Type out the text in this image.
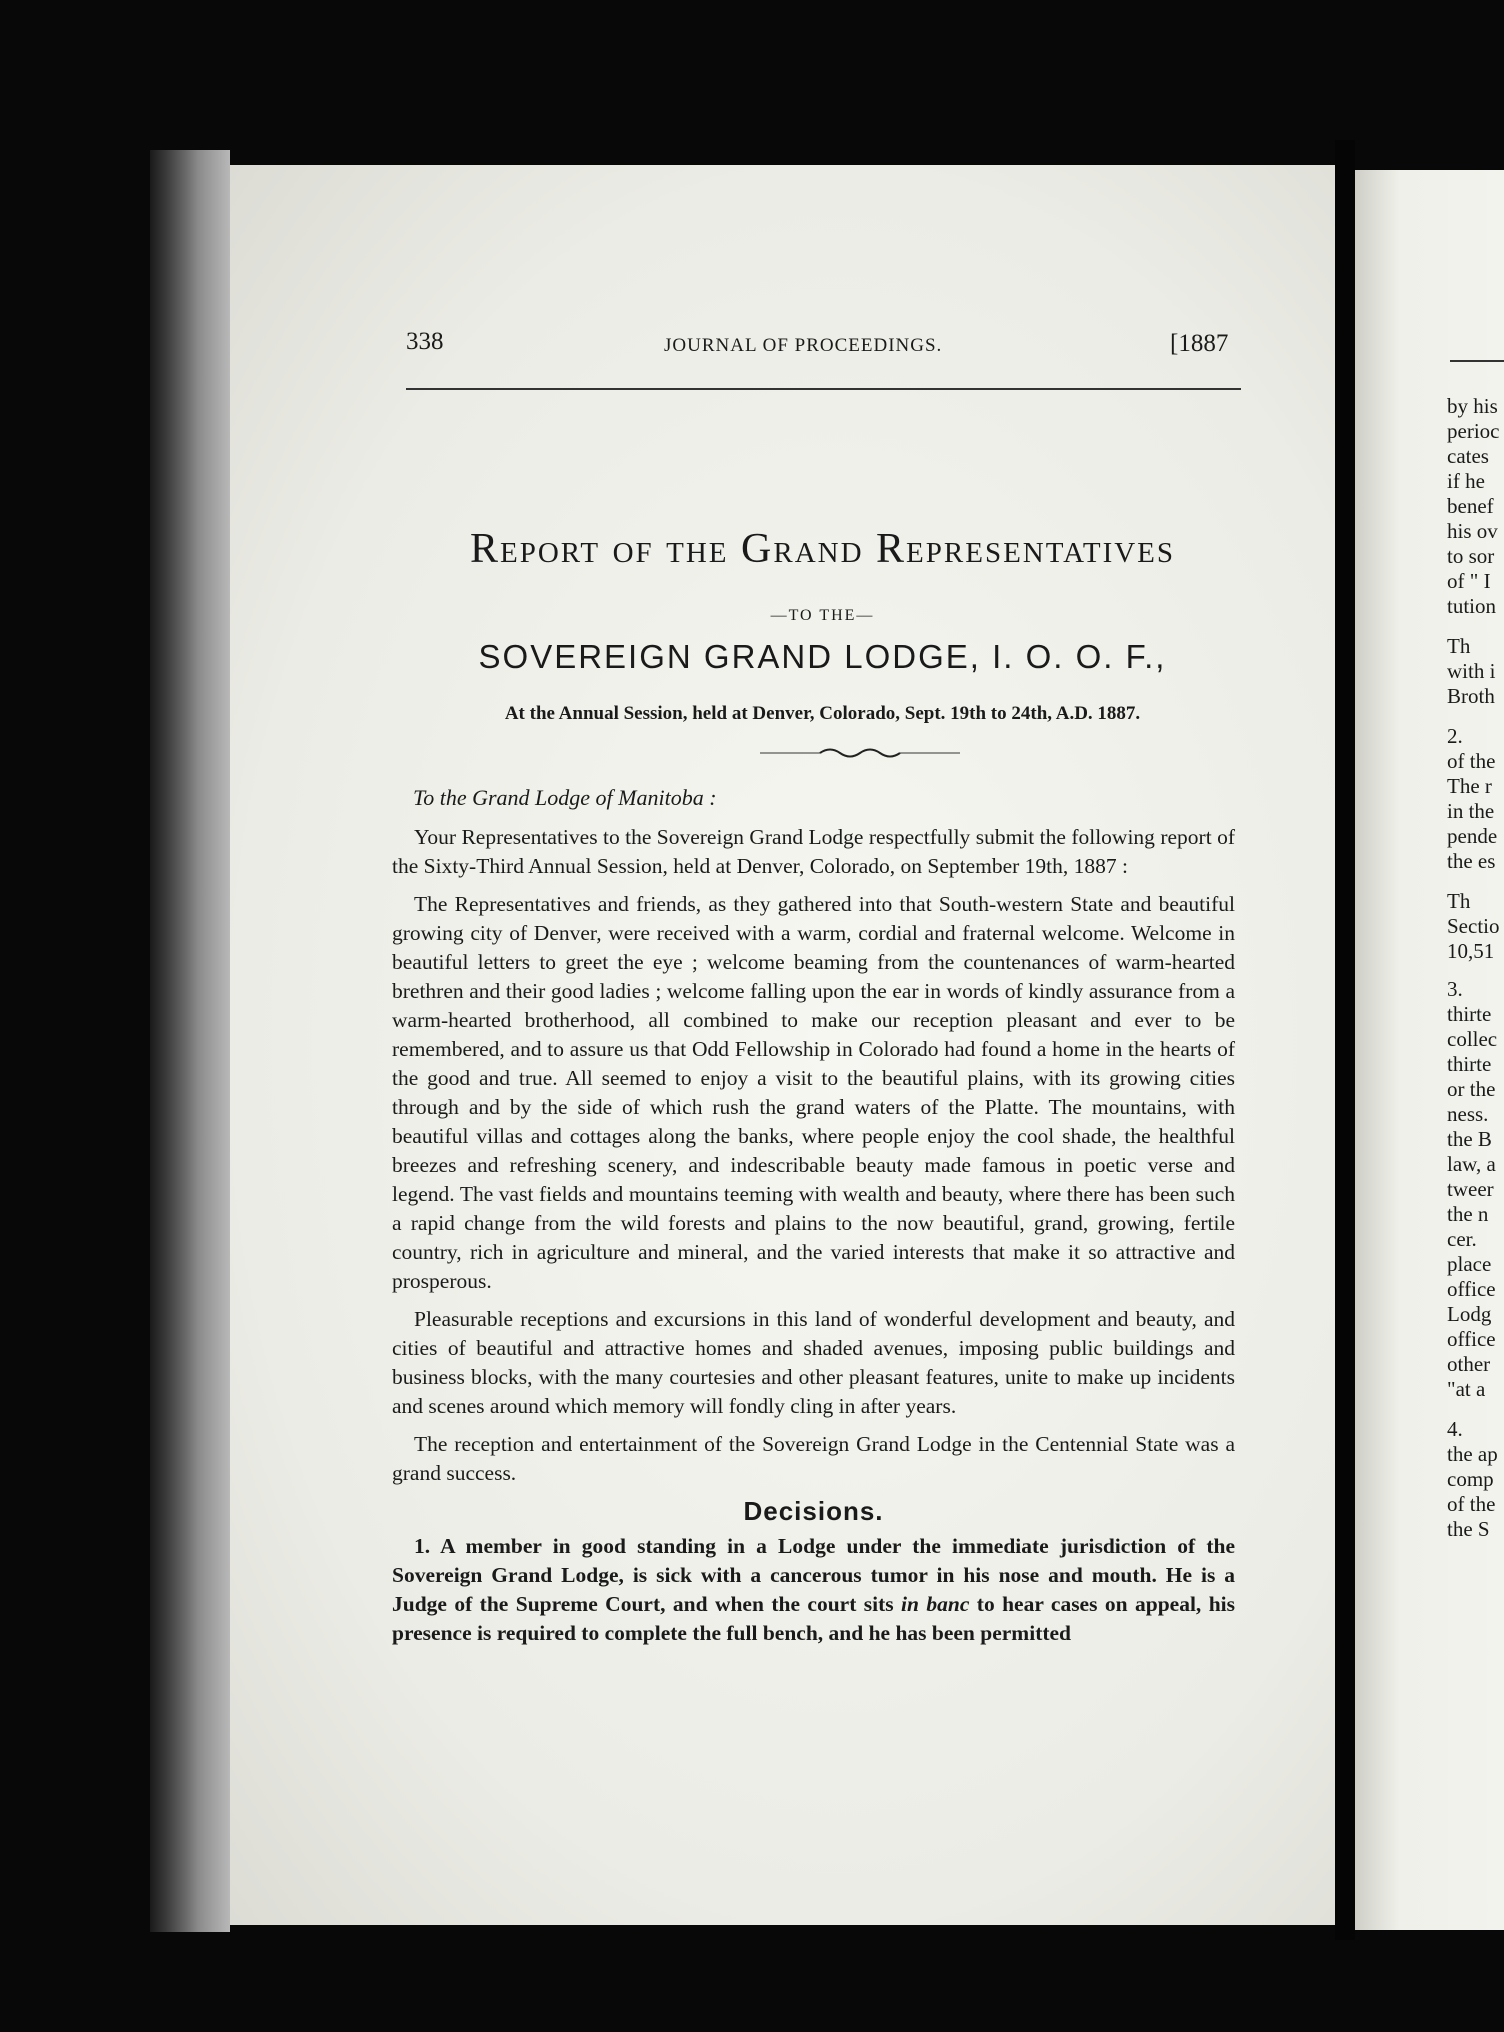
338	JOURNAL OF PROCEEDINGS.	[1887
Report of the Grand Representatives
—TO THE—
SOVEREIGN GRAND LODGE, I. O. O. F.,
At the Annual Session, held at Denver, Colorado, Sept. 19th to 24th, A.D. 1887.
To the Grand Lodge of Manitoba :

Your Representatives to the Sovereign Grand Lodge respectfully submit the following report of the Sixty-Third Annual Session, held at Denver, Colorado, on September 19th, 1887 :

The Representatives and friends, as they gathered into that South-western State and beautiful growing city of Denver, were received with a warm, cordial and fraternal welcome. Welcome in beautiful letters to greet the eye ; welcome beaming from the countenances of warm-hearted brethren and their good ladies ; welcome falling upon the ear in words of kindly assurance from a warm-hearted brotherhood, all combined to make our reception pleasant and ever to be remembered, and to assure us that Odd Fellowship in Colorado had found a home in the hearts of the good and true. All seemed to enjoy a visit to the beautiful plains, with its growing cities through and by the side of which rush the grand waters of the Platte. The mountains, with beautiful villas and cottages along the banks, where people enjoy the cool shade, the healthful breezes and refreshing scenery, and indescribable beauty made famous in poetic verse and legend. The vast fields and mountains teeming with wealth and beauty, where there has been such a rapid change from the wild forests and plains to the now beautiful, grand, growing, fertile country, rich in agriculture and mineral, and the varied interests that make it so attractive and prosperous.

Pleasurable receptions and excursions in this land of wonderful development and beauty, and cities of beautiful and attractive homes and shaded avenues, imposing public buildings and business blocks, with the many courtesies and other pleasant features, unite to make up incidents and scenes around which memory will fondly cling in after years.

The reception and entertainment of the Sovereign Grand Lodge in the Centennial State was a grand success.

Decisions.

1. A member in good standing in a Lodge under the immediate jurisdiction of the Sovereign Grand Lodge, is sick with a cancerous tumor in his nose and mouth. He is a Judge of the Supreme Court, and when the court sits in banc to hear cases on appeal, his presence is required to complete the full bench, and he has been permitted

by his
perioc
cates
if he
benef
his ov
to sor
of " I
tution
Th
with i
Broth
2.
of the
The r
in the
pende
the es
Th
Sectio
10,51
3.
thirte
collec
thirte
or the
ness.
the B
law, a
tweer
the n
cer.
place
office
Lodg
office
other
"at a
4.
the ap
comp
of the
the S
